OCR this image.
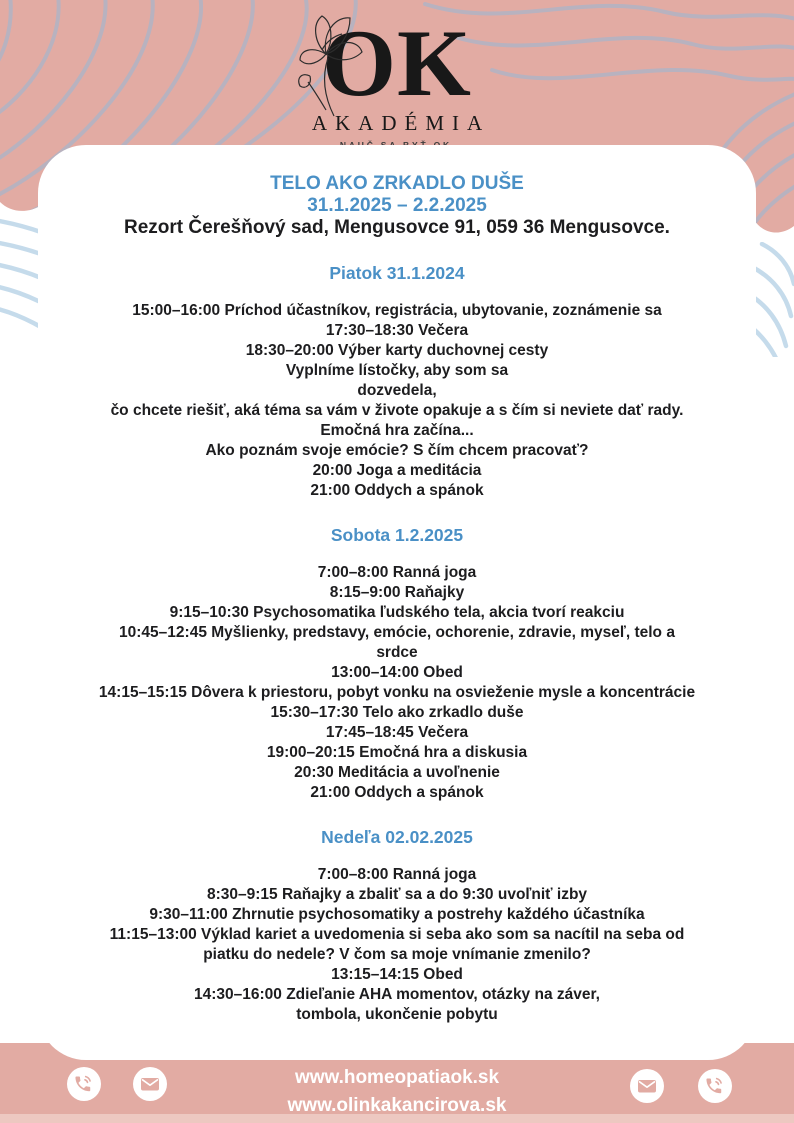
OK
AKADÉMIA
TELO AKO ZRKADLO DUŠE
31.1.2025 – 2.2.2025
Rezort Čerešňový sad, Mengusovce 91, 059 36 Mengusovce.
Piatok 31.1.2024
15:00–16:00 Príchod účastníkov, registrácia, ubytovanie, zoznámenie sa
17:30–18:30 Večera
18:30–20:00 Výber karty duchovnej cesty
Vyplníme lístočky, aby som sa
dozvedela,
čo chcete riešiť, aká téma sa vám v živote opakuje a s čím si neviete dať rady.
Emočná hra začína...
Ako poznám svoje emócie? S čím chcem pracovať?
20:00 Joga a meditácia
21:00 Oddych a spánok
Sobota 1.2.2025
7:00–8:00 Ranná joga
8:15–9:00 Raňajky
9:15–10:30 Psychosomatika ľudského tela, akcia tvorí reakciu
10:45–12:45 Myšlienky, predstavy, emócie, ochorenie, zdravie, myseľ, telo a
srdce
13:00–14:00 Obed
14:15–15:15 Dôvera k priestoru, pobyt vonku na osvieženie mysle a koncentrácie
15:30–17:30 Telo ako zrkadlo duše
17:45–18:45 Večera
19:00–20:15 Emočná hra a diskusia
20:30 Meditácia a uvoľnenie
21:00 Oddych a spánok
Nedeľa 02.02.2025
7:00–8:00 Ranná joga
8:30–9:15 Raňajky a zbaliť sa a do 9:30 uvoľniť izby
9:30–11:00 Zhrnutie psychosomatiky a postrehy každého účastníka
11:15–13:00 Výklad kariet a uvedomenia si seba ako som sa nacítil na seba od
piatku do nedele? V čom sa moje vnímanie zmenilo?
13:15–14:15 Obed
14:30–16:00 Zdieľanie AHA momentov, otázky na záver,
tombola, ukončenie pobytu
www.homeopatiaok.sk
www.olinkakancirova.sk
